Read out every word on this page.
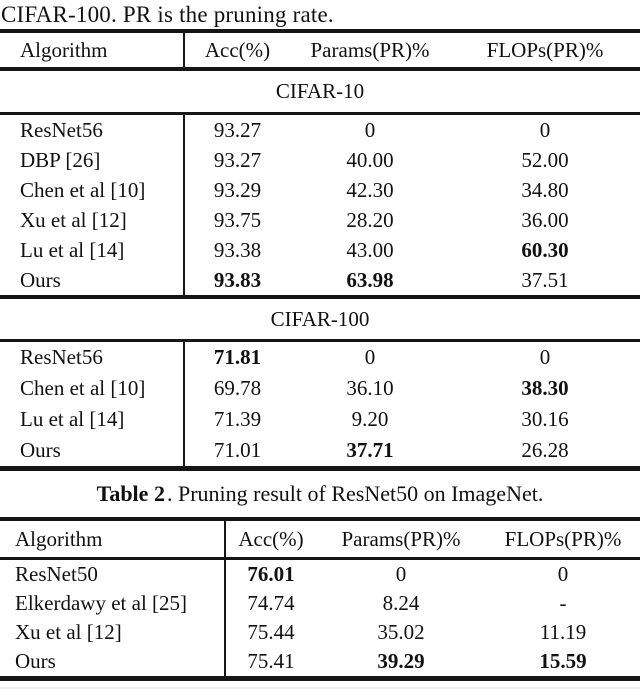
CIFAR-100. PR is the pruning rate.
Algorithm	Acc(%)	Params(PR)%	FLOPs(PR)%
CIFAR-10
ResNet56	93.27	0	0
DBP [26]	93.27	40.00	52.00
Chen et al [10]	93.29	42.30	34.80
Xu et al [12]	93.75	28.20	36.00
Lu et al [14]	93.38	43.00	60.30
Ours	93.83	63.98	37.51
CIFAR-100
ResNet56	71.81	0	0
Chen et al [10]	69.78	36.10	38.30
Lu et al [14]	71.39	9.20	30.16
Ours	71.01	37.71	26.28
Table 2 . Pruning result of ResNet50 on ImageNet.
Algorithm	Acc(%)	Params(PR)%	FLOPs(PR)%
ResNet50	76.01	0	0
Elkerdawy et al [25]	74.74	8.24	-
Xu et al [12]	75.44	35.02	11.19
Ours	75.41	39.29	15.59
